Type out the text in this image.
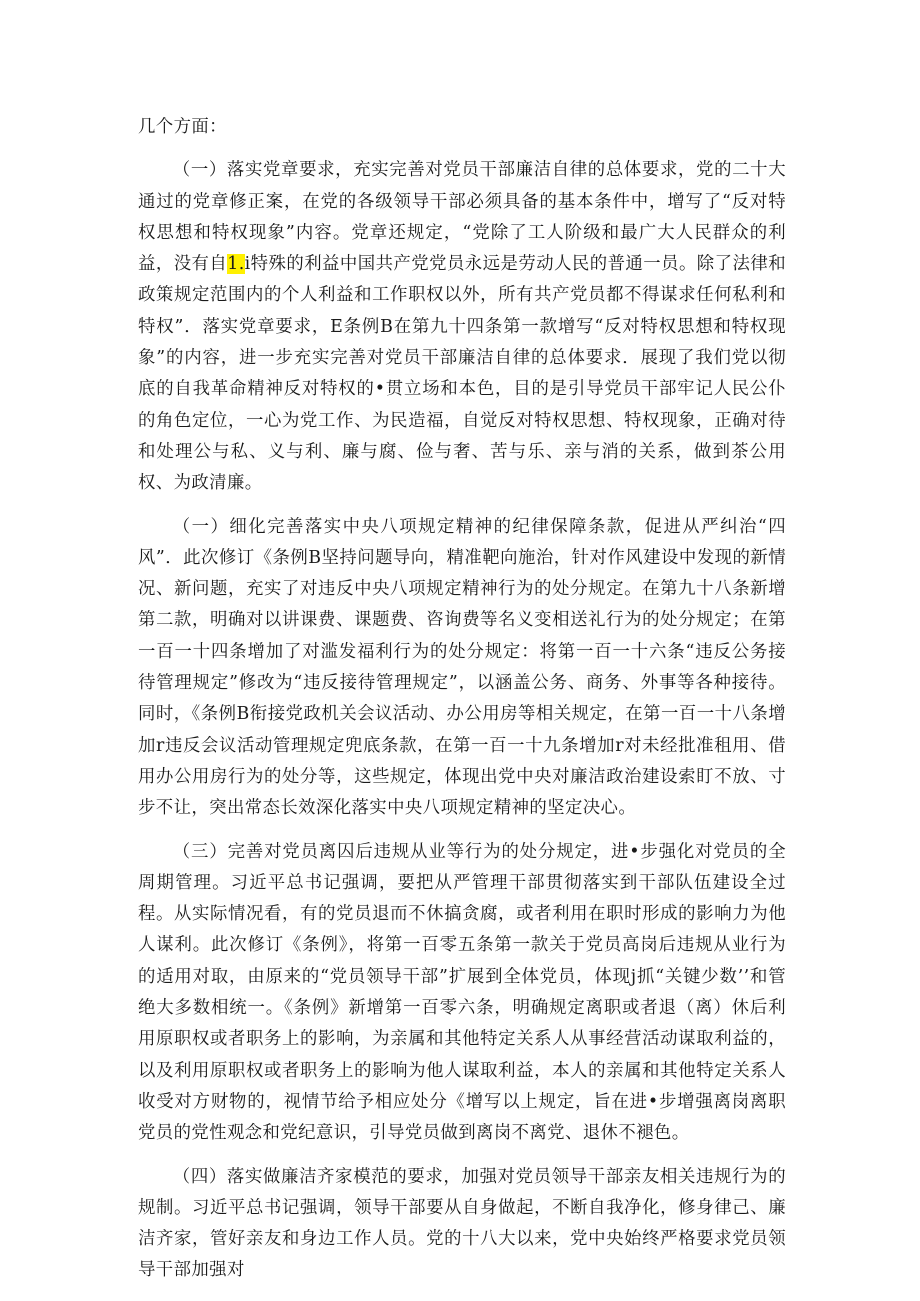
几个方面：

（一）落实党章要求，充实完善对党员干部廉洁自律的总体要求，党的二十大通过的党章修正案，在党的各级领导干部必须具备的基本条件中，增写了“反对特权思想和特权现象”内容。党章还规定，“党除了工人阶级和最广大人民群众的利益，没有自1.i特殊的利益中国共产党党员永远是劳动人民的普通一员。除了法律和政策规定范围内的个人利益和工作职权以外，所有共产党员都不得谋求任何私利和特权”．落实党章要求，E条例B在第九十四条第一款增写“反对特权思想和特权现象”的内容，进一步充实完善对党员干部廉洁自律的总体要求．展现了我们党以彻底的自我革命精神反对特权的•贯立场和本色，目的是引导党员干部牢记人民公仆的角色定位，一心为党工作、为民造福，自觉反对特权思想、特权现象，正确对待和处理公与私、义与利、廉与腐、俭与奢、苦与乐、亲与消的关系，做到茶公用权、为政清廉。

（一）细化完善落实中央八项规定精神的纪律保障条款，促进从严纠治“四风”．此次修订《条例B坚持问题导向，精准靶向施治，针对作风建设中发现的新情况、新问题，充实了对违反中央八项规定精神行为的处分规定。在第九十八条新增第二款，明确对以讲课费、课题费、咨询费等名义变相送礼行为的处分规定；在第一百一十四条增加了对滥发福利行为的处分规定：将第一百一十六条“违反公务接待管理规定”修改为“违反接待管理规定”，以涵盖公务、商务、外事等各种接待。同时，《条例B衔接党政机关会议活动、办公用房等相关规定，在第一百一十八条增加r违反会议活动管理规定兜底条款，在第一百一十九条增加r对未经批准租用、借用办公用房行为的处分等，这些规定，体现出党中央对廉洁政治建设索盯不放、寸步不让，突出常态长效深化落实中央八项规定精神的坚定决心。

（三）完善对党员离囚后违规从业等行为的处分规定，进•步强化对党员的全周期管理。习近平总书记强调，要把从严管理干部贯彻落实到干部队伍建设全过程。从实际情况看，有的党员退而不休搞贪腐，或者利用在职时形成的影响力为他人谋利。此次修订《条例》，将第一百零五条第一款关于党员高岗后违规从业行为的适用对取，由原来的“党员领导干部”扩展到全体党员，体现j抓“关键少数’’和管绝大多数相统一。《条例》新增第一百零六条，明确规定离职或者退（离）休后利用原职权或者职务上的影响，为亲属和其他特定关系人从事经营活动谋取利益的，以及利用原职权或者职务上的影响为他人谋取利益，本人的亲属和其他特定关系人收受对方财物的，视情节给予相应处分《增写以上规定，旨在进•步增强离岗离职党员的党性观念和党纪意识，引导党员做到离岗不离党、退休不褪色。

（四）落实做廉洁齐家模范的要求，加强对党员领导干部亲友相关违规行为的规制。习近平总书记强调，领导干部要从自身做起，不断自我净化，修身律己、廉洁齐家，管好亲友和身边工作人员。党的十八大以来，党中央始终严格要求党员领导干部加强对
